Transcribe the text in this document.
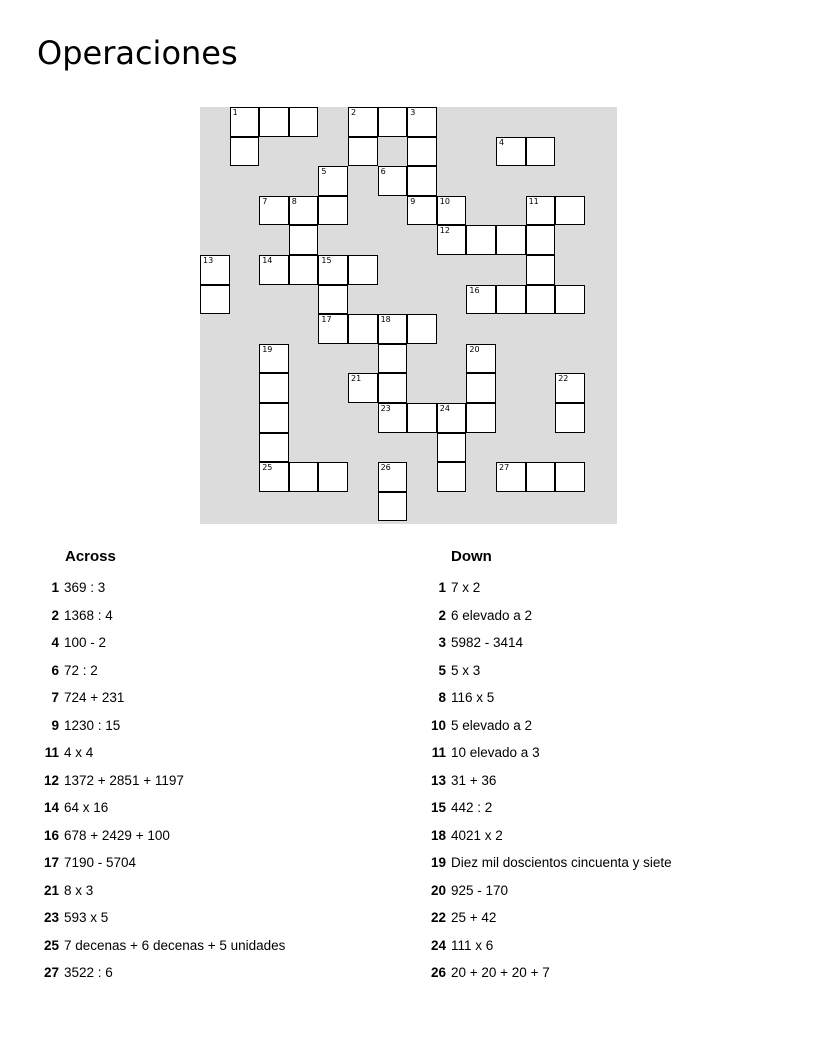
Operaciones
1	2	3
4
5	6
7	8	9	10	11
12
13	14	15
16
17	18
19	20
21	22
23	24
25	26	27
Across
1 369 : 3
2 1368 : 4
4 100 - 2
6 72 : 2
7 724 + 231
9 1230 : 15
11 4 x 4
12 1372 + 2851 + 1197
14 64 x 16
16 678 + 2429 + 100
17 7190 - 5704
21 8 x 3
23 593 x 5
25 7 decenas + 6 decenas + 5 unidades
27 3522 : 6
Down
1 7 x 2
2 6 elevado a 2
3 5982 - 3414
5 5 x 3
8 116 x 5
10 5 elevado a 2
11 10 elevado a 3
13 31 + 36
15 442 : 2
18 4021 x 2
19 Diez mil doscientos cincuenta y siete
20 925 - 170
22 25 + 42
24 111 x 6
26 20 + 20 + 20 + 7
